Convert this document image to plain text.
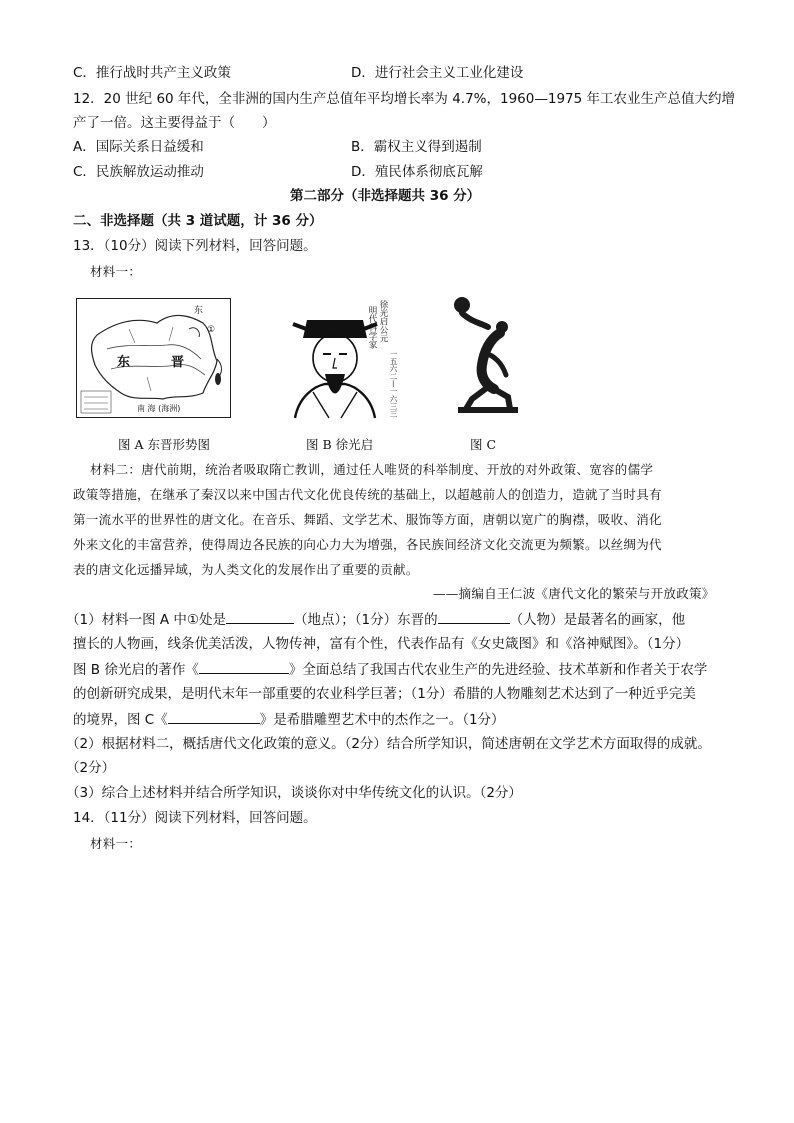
C．推行战时共产主义政策	D．进行社会主义工业化建设
12．20 世纪 60 年代，全非洲的国内生产总值年平均增长率为 4.7%，1960—1975 年工农业生产总值大约增
产了一倍。这主要得益于（　　）
A．国际关系日益缓和	B．霸权主义得到遏制
C．民族解放运动推动	D．殖民体系彻底瓦解
第二部分（非选择题共 36 分）
二、非选择题（共 3 道试题，计 36 分）
13．（10分）阅读下列材料，回答问题。
材料一：
东
①
东	晋
南 海 (海洲)
徐光启公元
明代科学家
一五六二—一六三三
图 A 东晋形势图	图 B 徐光启	图 C
材料二：唐代前期，统治者吸取隋亡教训，通过任人唯贤的科举制度、开放的对外政策、宽容的儒学
政策等措施，在继承了秦汉以来中国古代文化优良传统的基础上，以超越前人的创造力，造就了当时具有
第一流水平的世界性的唐文化。在音乐、舞蹈、文学艺术、服饰等方面，唐朝以宽广的胸襟，吸收、消化
外来文化的丰富营养，使得周边各民族的向心力大为增强，各民族间经济文化交流更为频繁。以丝绸为代
表的唐文化远播异域，为人类文化的发展作出了重要的贡献。
——摘编自王仁波《唐代文化的繁荣与开放政策》
（1）材料一图 A 中①处是	（地点）；（1分）东晋的	（人物）是最著名的画家，他
擅长的人物画，线条优美活泼，人物传神，富有个性，代表作品有《女史箴图》和《洛神赋图》。（1分）
图 B 徐光启的著作《	》全面总结了我国古代农业生产的先进经验、技术革新和作者关于农学
的创新研究成果，是明代末年一部重要的农业科学巨著；（1分）希腊的人物雕刻艺术达到了一种近乎完美
的境界，图 C《	》是希腊雕塑艺术中的杰作之一。（1分）
（2）根据材料二，概括唐代文化政策的意义。（2分）结合所学知识，简述唐朝在文学艺术方面取得的成就。
（2分）
（3）综合上述材料并结合所学知识，谈谈你对中华传统文化的认识。（2分）
14．（11分）阅读下列材料，回答问题。
材料一：
